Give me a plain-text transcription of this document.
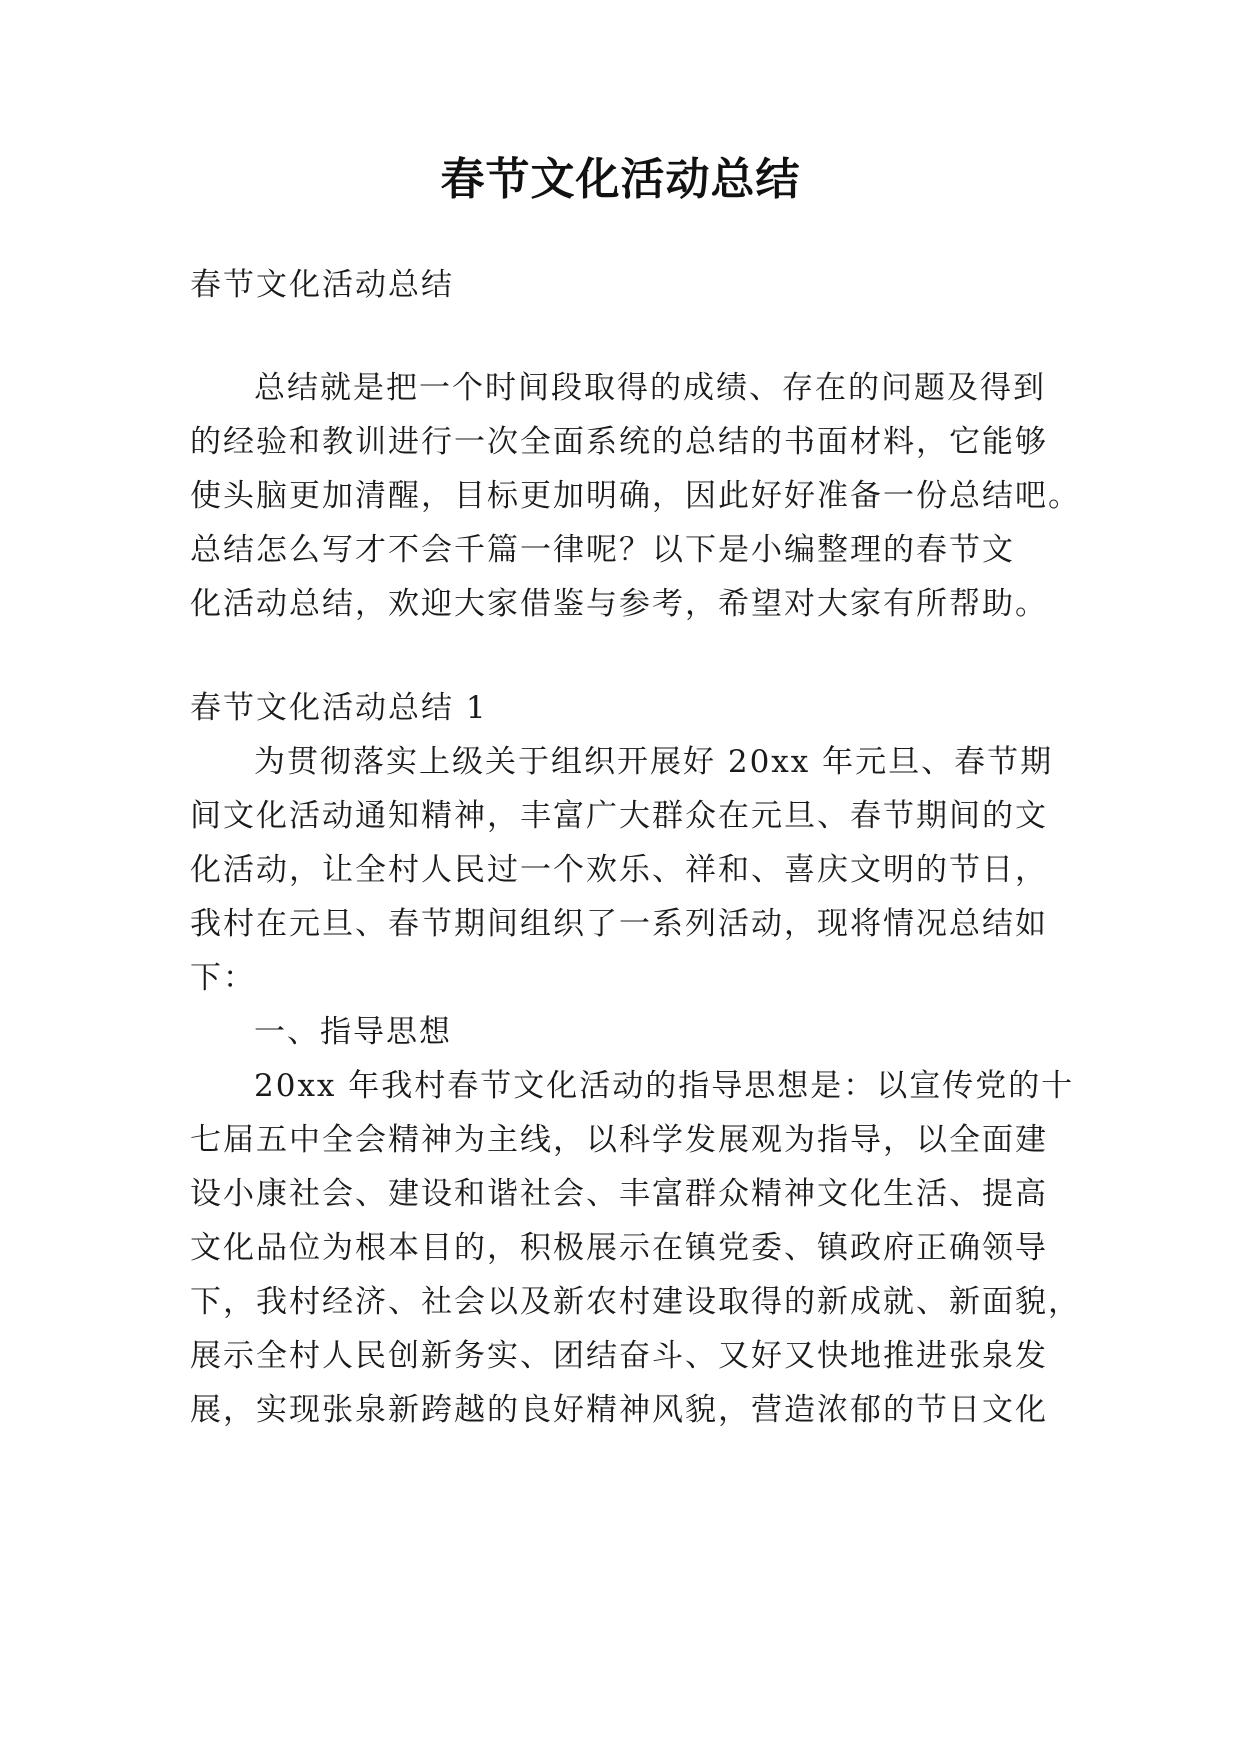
春节文化活动总结
春节文化活动总结
总结就是把一个时间段取得的成绩、存在的问题及得到
的经验和教训进行一次全面系统的总结的书面材料，它能够
使头脑更加清醒，目标更加明确，因此好好准备一份总结吧。
总结怎么写才不会千篇一律呢？以下是小编整理的春节文
化活动总结，欢迎大家借鉴与参考，希望对大家有所帮助。
春节文化活动总结 1
为贯彻落实上级关于组织开展好 20xx 年元旦、春节期
间文化活动通知精神，丰富广大群众在元旦、春节期间的文
化活动，让全村人民过一个欢乐、祥和、喜庆文明的节日，
我村在元旦、春节期间组织了一系列活动，现将情况总结如
下：
一、指导思想
20xx 年我村春节文化活动的指导思想是：以宣传党的十
七届五中全会精神为主线，以科学发展观为指导，以全面建
设小康社会、建设和谐社会、丰富群众精神文化生活、提高
文化品位为根本目的，积极展示在镇党委、镇政府正确领导
下，我村经济、社会以及新农村建设取得的新成就、新面貌，
展示全村人民创新务实、团结奋斗、又好又快地推进张泉发
展，实现张泉新跨越的良好精神风貌，营造浓郁的节日文化
